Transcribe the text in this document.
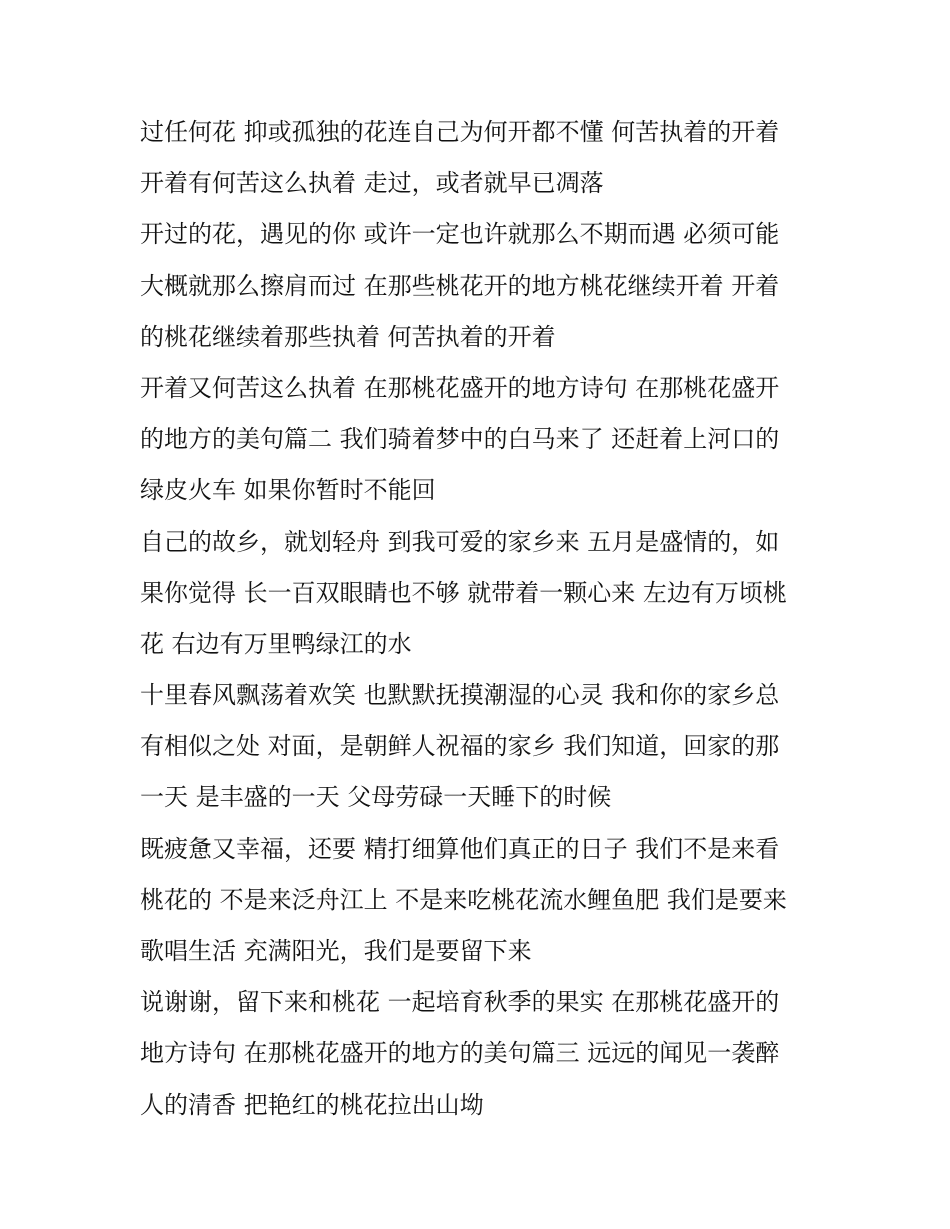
过任何花 抑或孤独的花连自己为何开都不懂 何苦执着的开着
开着有何苦这么执着 走过，或者就早已凋落
开过的花，遇见的你 或许一定也许就那么不期而遇 必须可能
大概就那么擦肩而过 在那些桃花开的地方桃花继续开着 开着
的桃花继续着那些执着 何苦执着的开着
开着又何苦这么执着 在那桃花盛开的地方诗句 在那桃花盛开
的地方的美句篇二 我们骑着梦中的白马来了 还赶着上河口的
绿皮火车 如果你暂时不能回
自己的故乡，就划轻舟 到我可爱的家乡来 五月是盛情的，如
果你觉得 长一百双眼睛也不够 就带着一颗心来 左边有万顷桃
花 右边有万里鸭绿江的水
十里春风飘荡着欢笑 也默默抚摸潮湿的心灵 我和你的家乡总
有相似之处 对面，是朝鲜人祝福的家乡 我们知道，回家的那
一天 是丰盛的一天 父母劳碌一天睡下的时候
既疲惫又幸福，还要 精打细算他们真正的日子 我们不是来看
桃花的 不是来泛舟江上 不是来吃桃花流水鲤鱼肥 我们是要来
歌唱生活 充满阳光，我们是要留下来
说谢谢，留下来和桃花 一起培育秋季的果实 在那桃花盛开的
地方诗句 在那桃花盛开的地方的美句篇三 远远的闻见一袭醉
人的清香 把艳红的桃花拉出山坳
